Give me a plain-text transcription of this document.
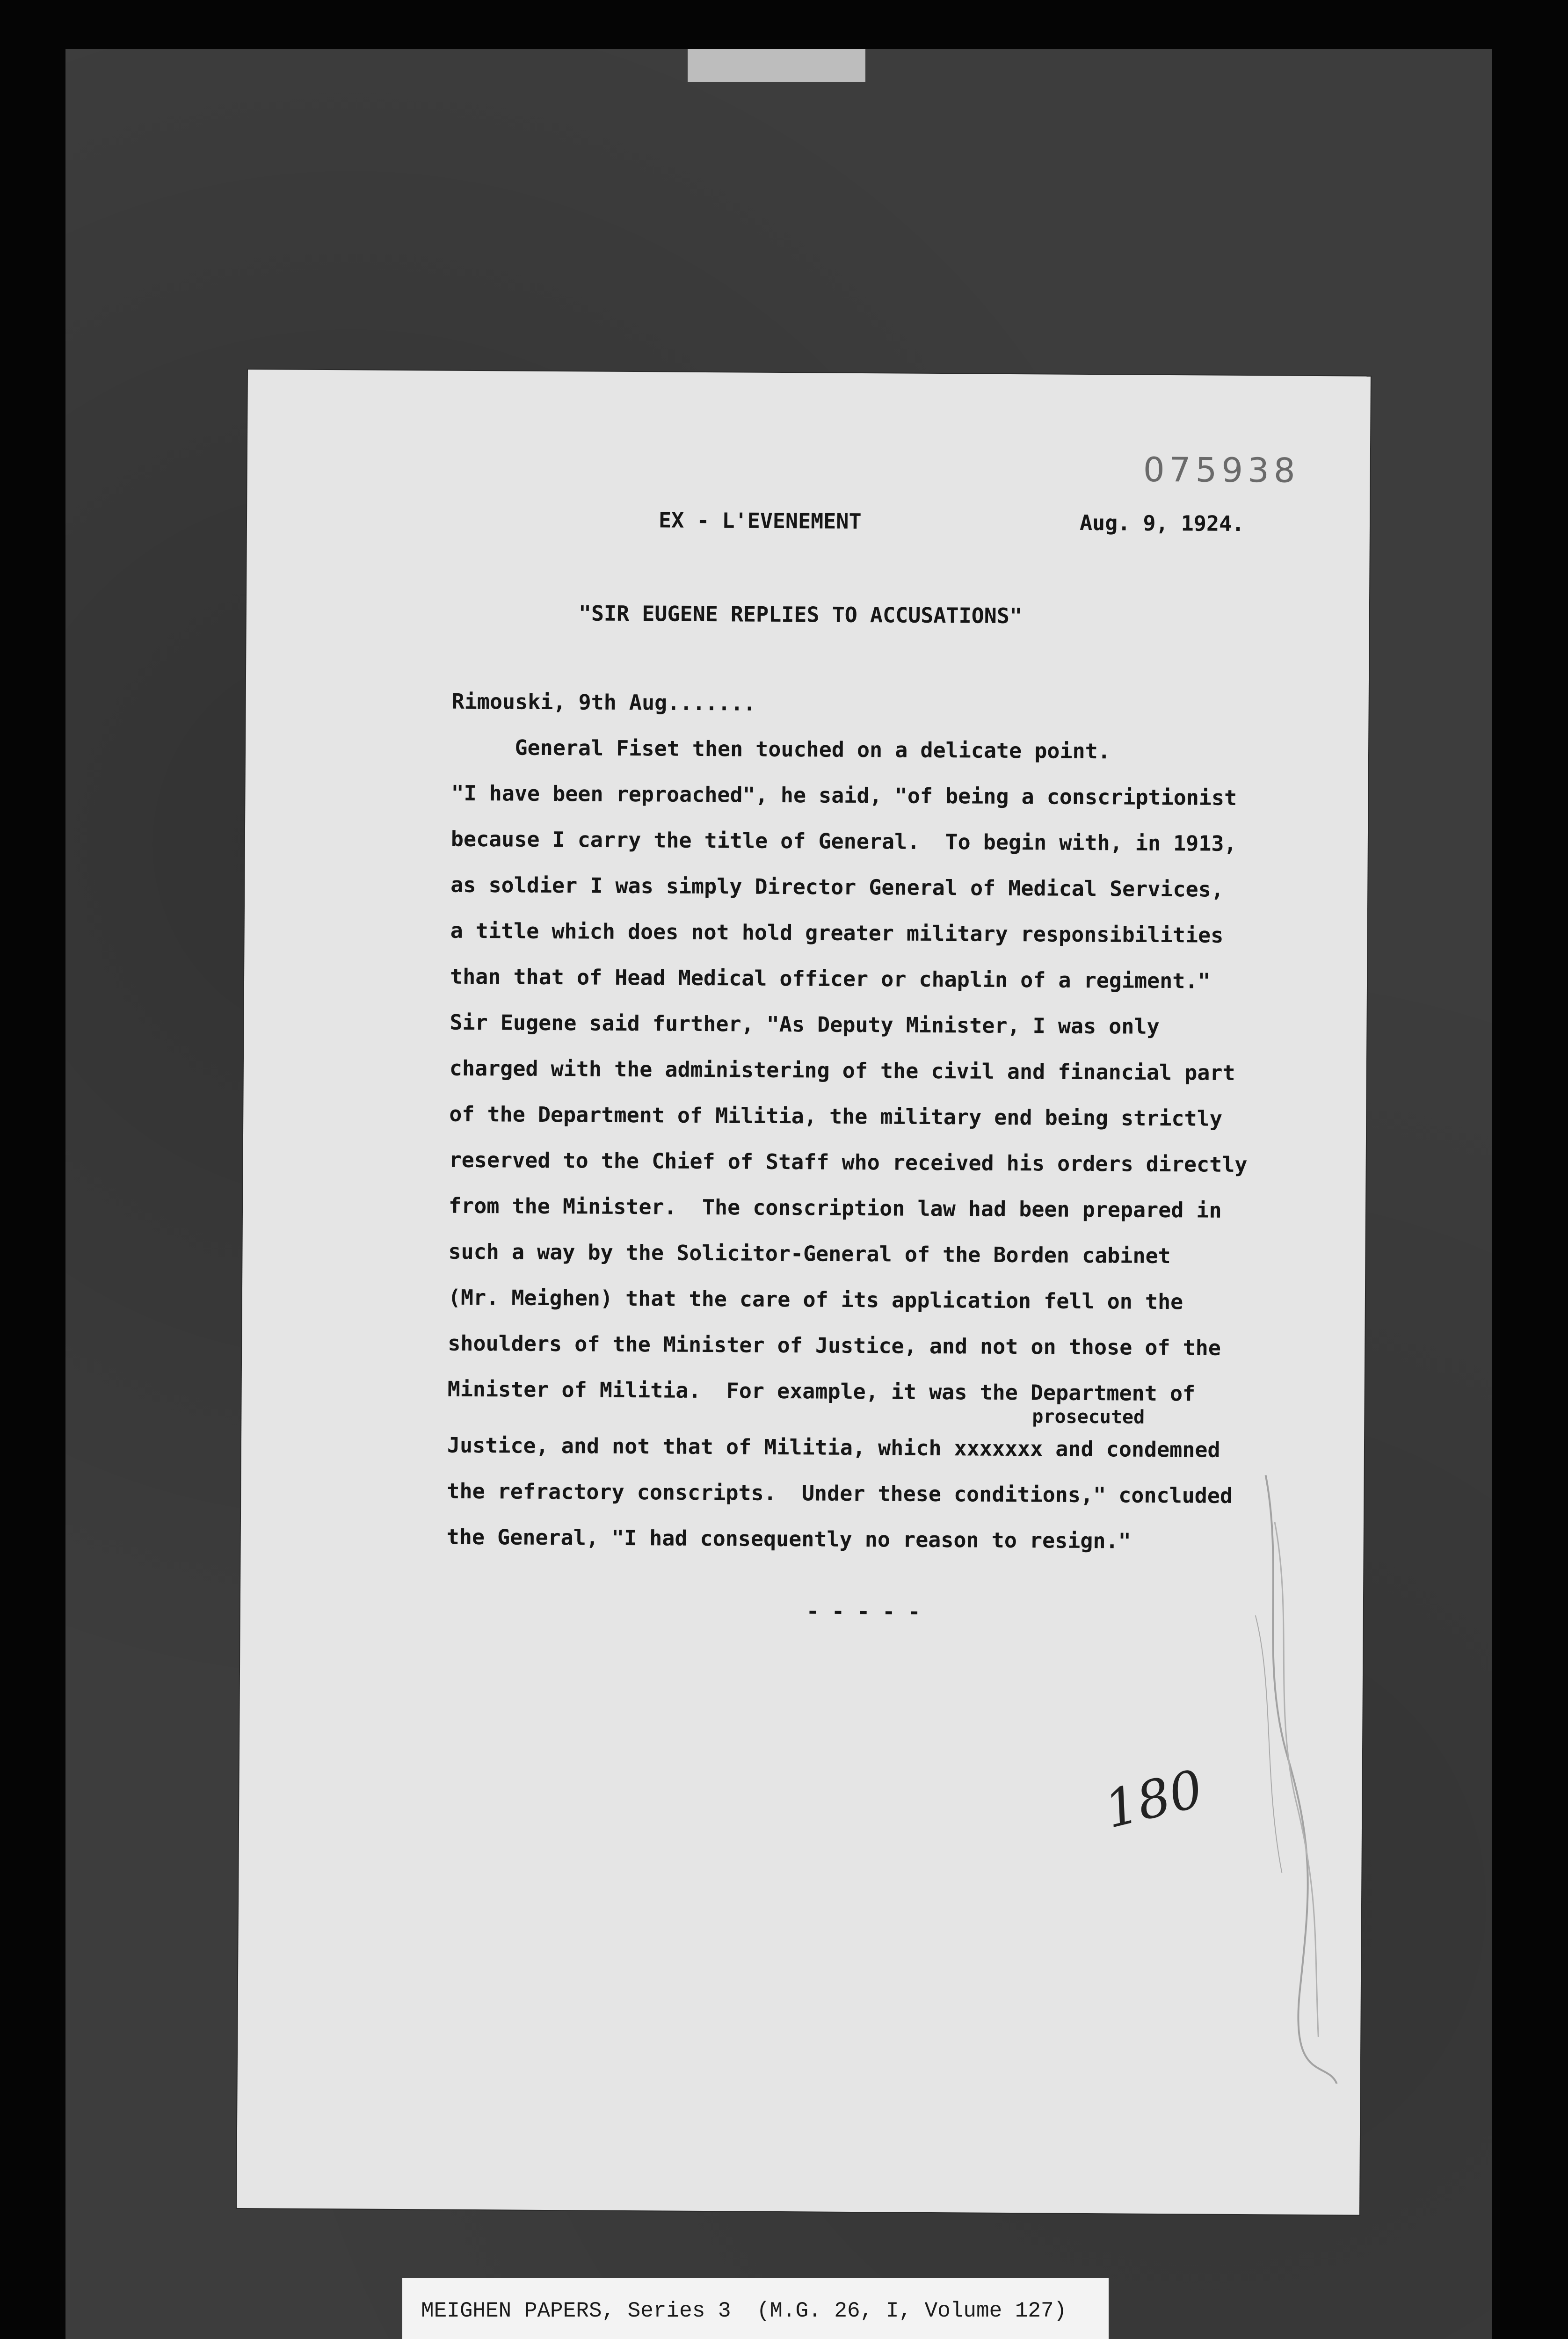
075938
EX - L'EVENEMENT	Aug. 9, 1924.
"SIR EUGENE REPLIES TO ACCUSATIONS"
Rimouski, 9th Aug.......
General Fiset then touched on a delicate point.
"I have been reproached", he said, "of being a conscriptionist
because I carry the title of General.  To begin with, in 1913,
as soldier I was simply Director General of Medical Services,
a title which does not hold greater military responsibilities
than that of Head Medical officer or chaplin of a regiment."
Sir Eugene said further, "As Deputy Minister, I was only
charged with the administering of the civil and financial part
of the Department of Militia, the military end being strictly
reserved to the Chief of Staff who received his orders directly
from the Minister.  The conscription law had been prepared in
such a way by the Solicitor-General of the Borden cabinet
(Mr. Meighen) that the care of its application fell on the
shoulders of the Minister of Justice, and not on those of the
Minister of Militia.  For example, it was the Department of
Justice, and not that of Militia, which xxxxxxx and condemned
the refractory conscripts.  Under these conditions," concluded
the General, "I had consequently no reason to resign."
prosecuted
- - - - -
180
MEIGHEN PAPERS, Series 3  (M.G. 26, I, Volume 127)
